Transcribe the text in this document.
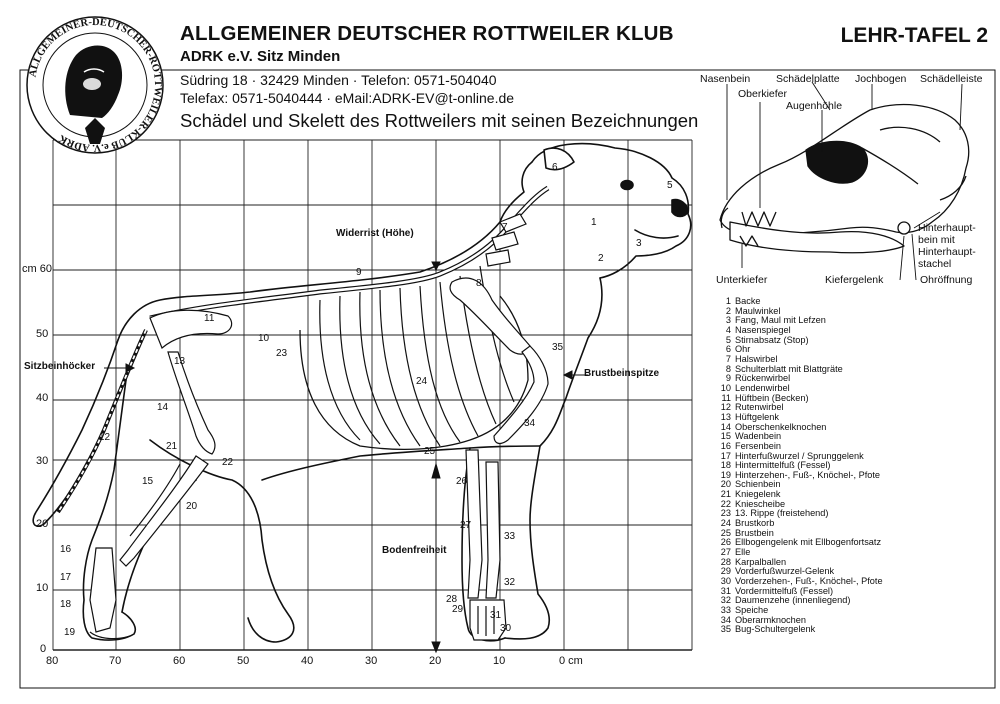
ALLGEMEINER DEUTSCHER ROTTWEILER KLUB
ADRK e.V. Sitz Minden
LEHR-TAFEL 2
Südring 18 · 32429 Minden · Telefon: 0571-504040
Telefax: 0571-5040444 · eMail:ADRK-EV@t-online.de
Schädel und Skelett des Rottweilers mit seinen Bezeichnungen
ALLGEMEINER-DEUTSCHER-ROTTWEILER-KLUB e.V. ADRK
cm 60
50
40
30
20
10
0
80	70	60	50	40	30	20	10	0 cm
Widerrist (Höhe)
Sitzbeinhöcker
Brustbeinspitze
Bodenfreiheit
1
2
3
4
5
6
7
8
9
10
11
12
13
14
15
16
17
18
19
20
21
22
23
24
25
26
27
28
29
30
31
32
33
34
35
Nasenbein
Oberkiefer
Schädelplatte
Augenhöhle
Jochbogen Schädelleiste
Hinterhaupt-
bein mit
Hinterhaupt-
stachel
Unterkiefer	Kiefergelenk	Ohröffnung
1 Backe
2 Maulwinkel
3 Fang, Maul mit Lefzen
4 Nasenspiegel
5 Stirnabsatz (Stop)
6 Ohr
7 Halswirbel
8 Schulterblatt mit Blattgräte
9 Rückenwirbel
10 Lendenwirbel
11 Hüftbein (Becken)
12 Rutenwirbel
13 Hüftgelenk
14 Oberschenkelknochen
15 Wadenbein
16 Fersenbein
17 Hinterfußwurzel / Sprunggelenk
18 Hintermittelfuß (Fessel)
19 Hinterzehen-, Fuß-, Knöchel-, Pfote
20 Schienbein
21 Kniegelenk
22 Kniescheibe
23 13. Rippe (freistehend)
24 Brustkorb
25 Brustbein
26 Ellbogengelenk mit Ellbogenfortsatz
27 Elle
28 Karpalballen
29 Vorderfußwurzel-Gelenk
30 Vorderzehen-, Fuß-, Knöchel-, Pfote
31 Vordermittelfuß (Fessel)
32 Daumenzehe (innenliegend)
33 Speiche
34 Oberarmknochen
35 Bug-Schultergelenk
